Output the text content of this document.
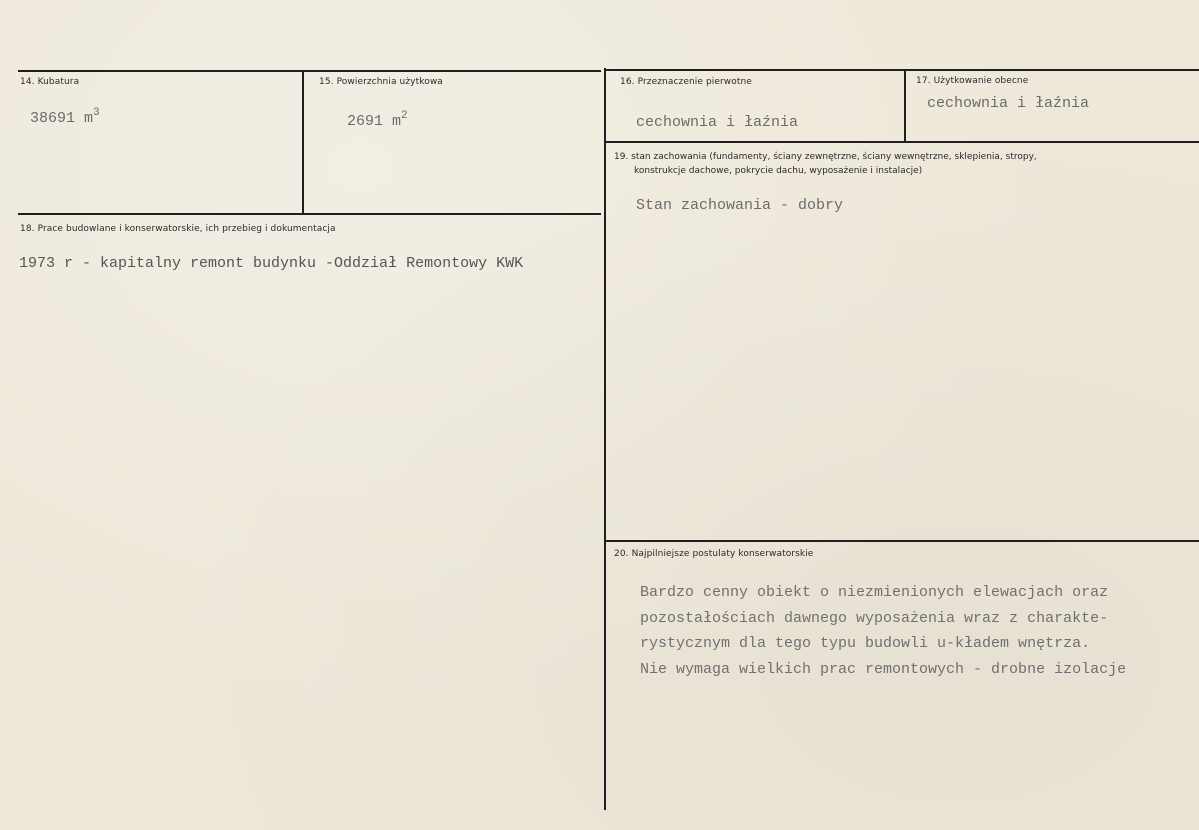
14. Kubatura
38691 $m^3$
15. Powierzchnia użytkowa
2691 $m^2$
16. Przeznaczenie pierwotne
cechownia i łaźnia
17. Użytkowanie obecne
cechownia i łaźnia
18. Prace budowlane i konserwatorskie, ich przebieg i dokumentacja
1973 r - kapitalny remont budynku -Oddział Remontowy KWK
19. stan zachowania (fundamenty, ściany zewnętrzne, ściany wewnętrzne, sklepienia, stropy,
konstrukcje dachowe, pokrycie dachu, wyposażenie i instalacje)
Stan zachowania - dobry
20. Najpilniejsze postulaty konserwatorskie
Bardzo cenny obiekt o niezmienionych elewacjach oraz
pozostałościach dawnego wyposażenia wraz z charakte-
rystycznym dla tego typu budowli u-kładem wnętrza.
Nie wymaga wielkich prac remontowych - drobne izolacje
